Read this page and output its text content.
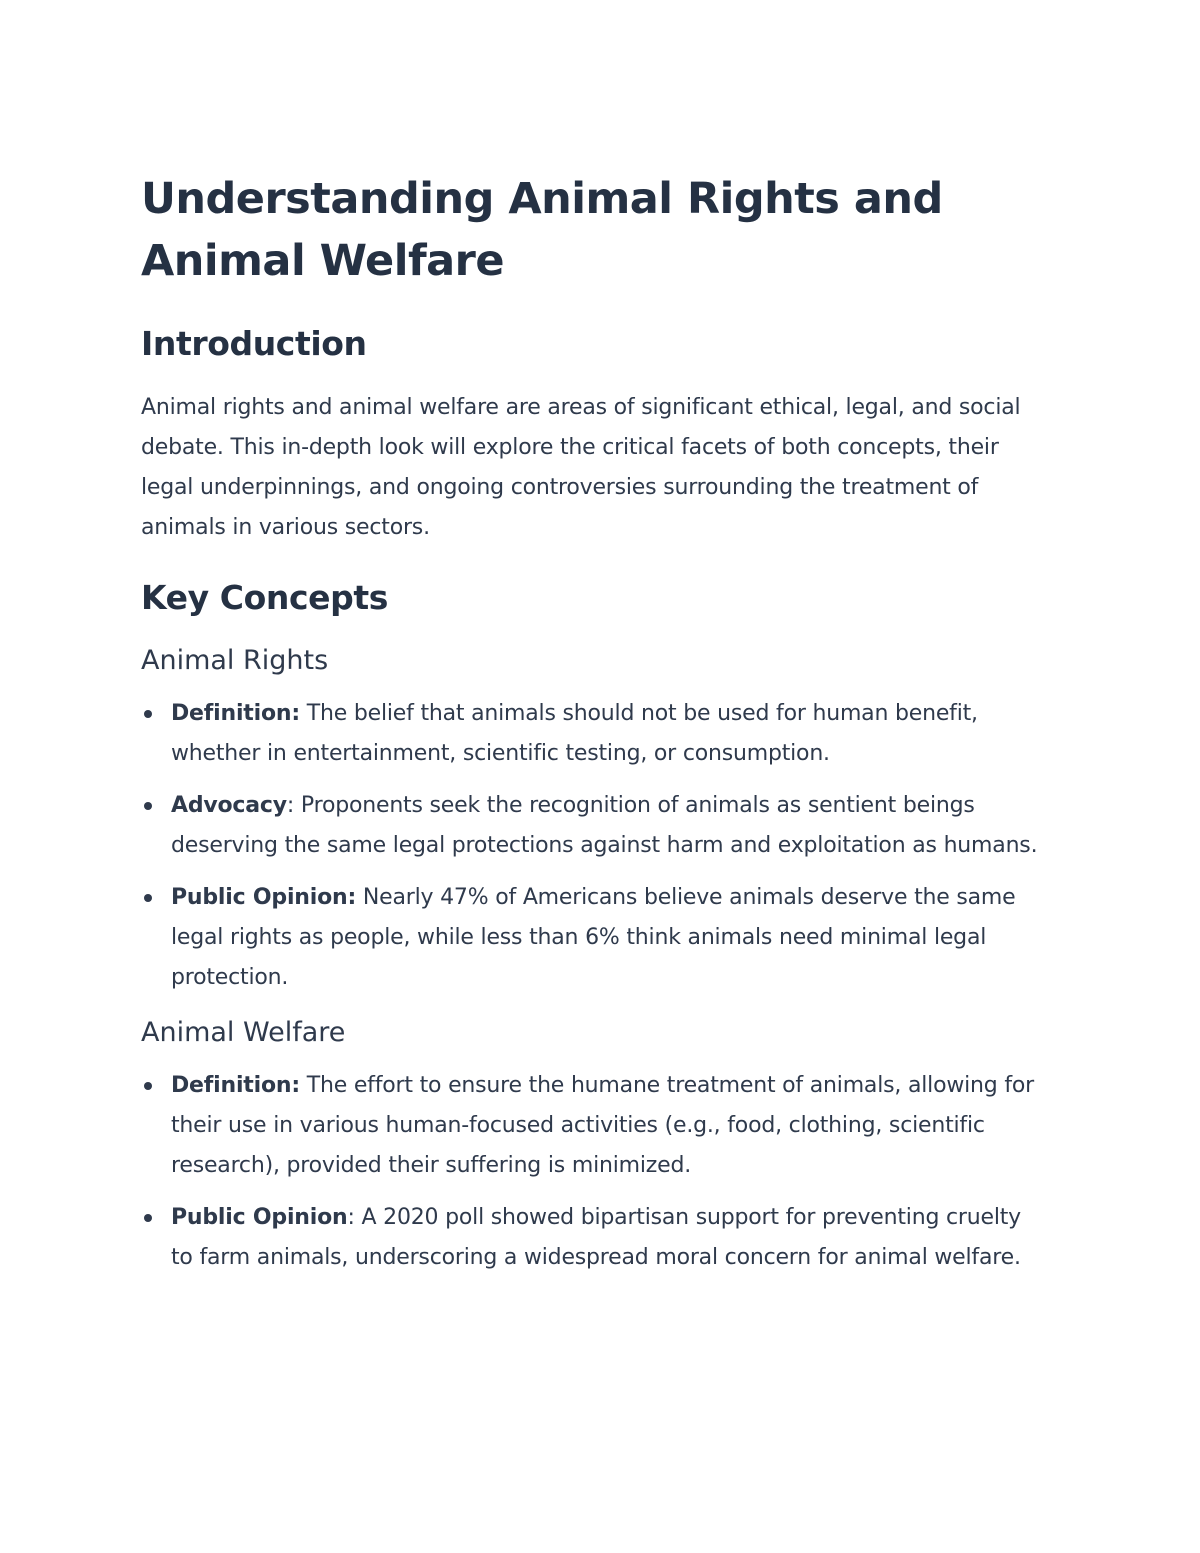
Understanding Animal Rights and Animal Welfare
Introduction

Animal rights and animal welfare are areas of significant ethical, legal, and social debate. This in-depth look will explore the critical facets of both concepts, their legal underpinnings, and ongoing controversies surrounding the treatment of animals in various sectors.

Key Concepts
Animal Rights
Definition: The belief that animals should not be used for human benefit, whether in entertainment, scientific testing, or consumption.
Advocacy: Proponents seek the recognition of animals as sentient beings deserving the same legal protections against harm and exploitation as humans.
Public Opinion: Nearly 47% of Americans believe animals deserve the same legal rights as people, while less than 6% think animals need minimal legal protection.
Animal Welfare
Definition: The effort to ensure the humane treatment of animals, allowing for their use in various human-focused activities (e.g., food, clothing, scientific research), provided their suffering is minimized.
Public Opinion: A 2020 poll showed bipartisan support for preventing cruelty to farm animals, underscoring a widespread moral concern for animal welfare.
